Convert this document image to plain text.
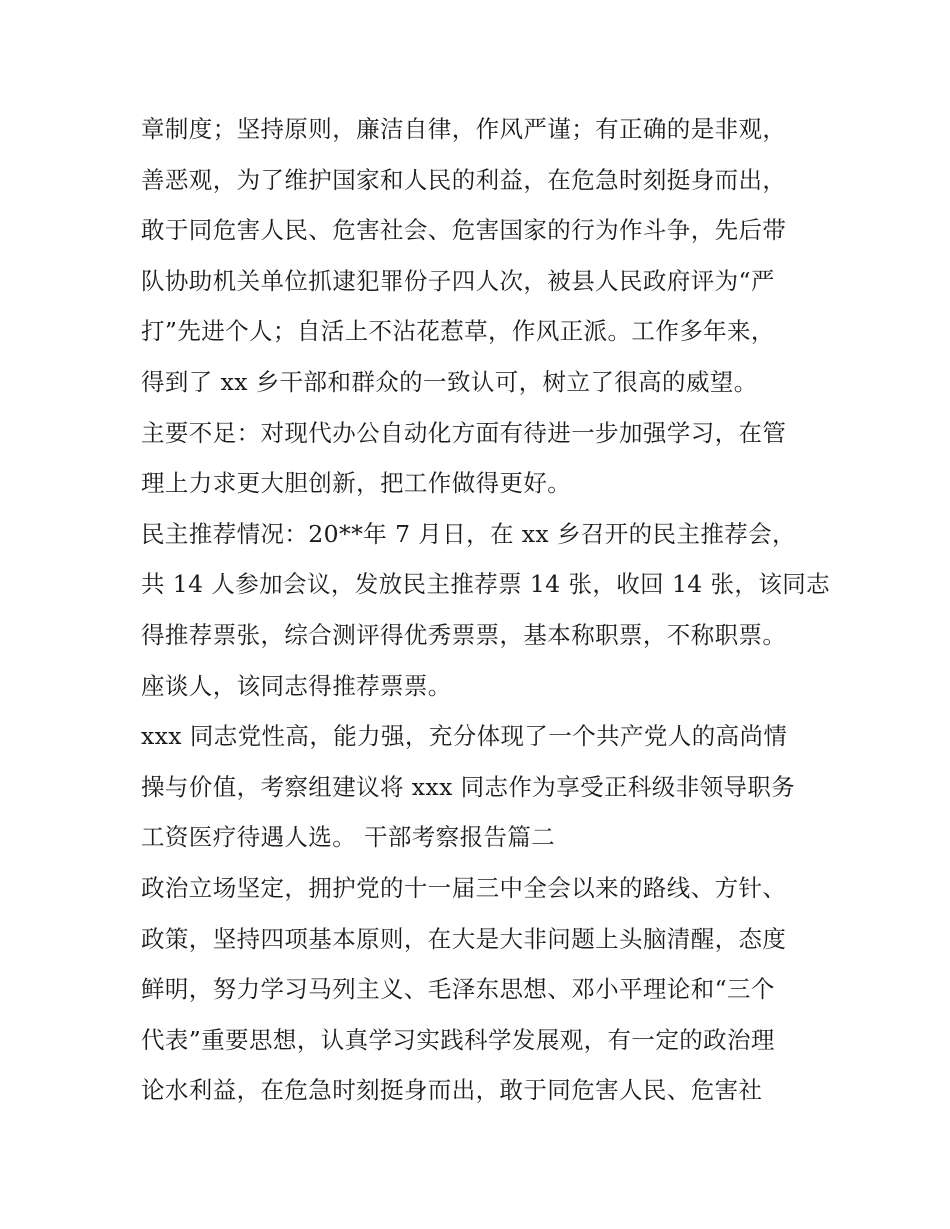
章制度；坚持原则，廉洁自律，作风严谨；有正确的是非观，
善恶观，为了维护国家和人民的利益，在危急时刻挺身而出，
敢于同危害人民、危害社会、危害国家的行为作斗争，先后带
队协助机关单位抓逮犯罪份子四人次，被县人民政府评为“严
打”先进个人；自活上不沾花惹草，作风正派。工作多年来，
得到了 xx 乡干部和群众的一致认可，树立了很高的威望。
主要不足：对现代办公自动化方面有待进一步加强学习，在管
理上力求更大胆创新，把工作做得更好。
民主推荐情况：20**年 7 月日，在 xx 乡召开的民主推荐会，
共 14 人参加会议，发放民主推荐票 14 张，收回 14 张，该同志
得推荐票张，综合测评得优秀票票，基本称职票，不称职票。
座谈人，该同志得推荐票票。
xxx 同志党性高，能力强，充分体现了一个共产党人的高尚情
操与价值，考察组建议将 xxx 同志作为享受正科级非领导职务
工资医疗待遇人选。 干部考察报告篇二
政治立场坚定，拥护党的十一届三中全会以来的路线、方针、
政策，坚持四项基本原则，在大是大非问题上头脑清醒，态度
鲜明，努力学习马列主义、毛泽东思想、邓小平理论和“三个
代表”重要思想，认真学习实践科学发展观，有一定的政治理
论水利益，在危急时刻挺身而出，敢于同危害人民、危害社
